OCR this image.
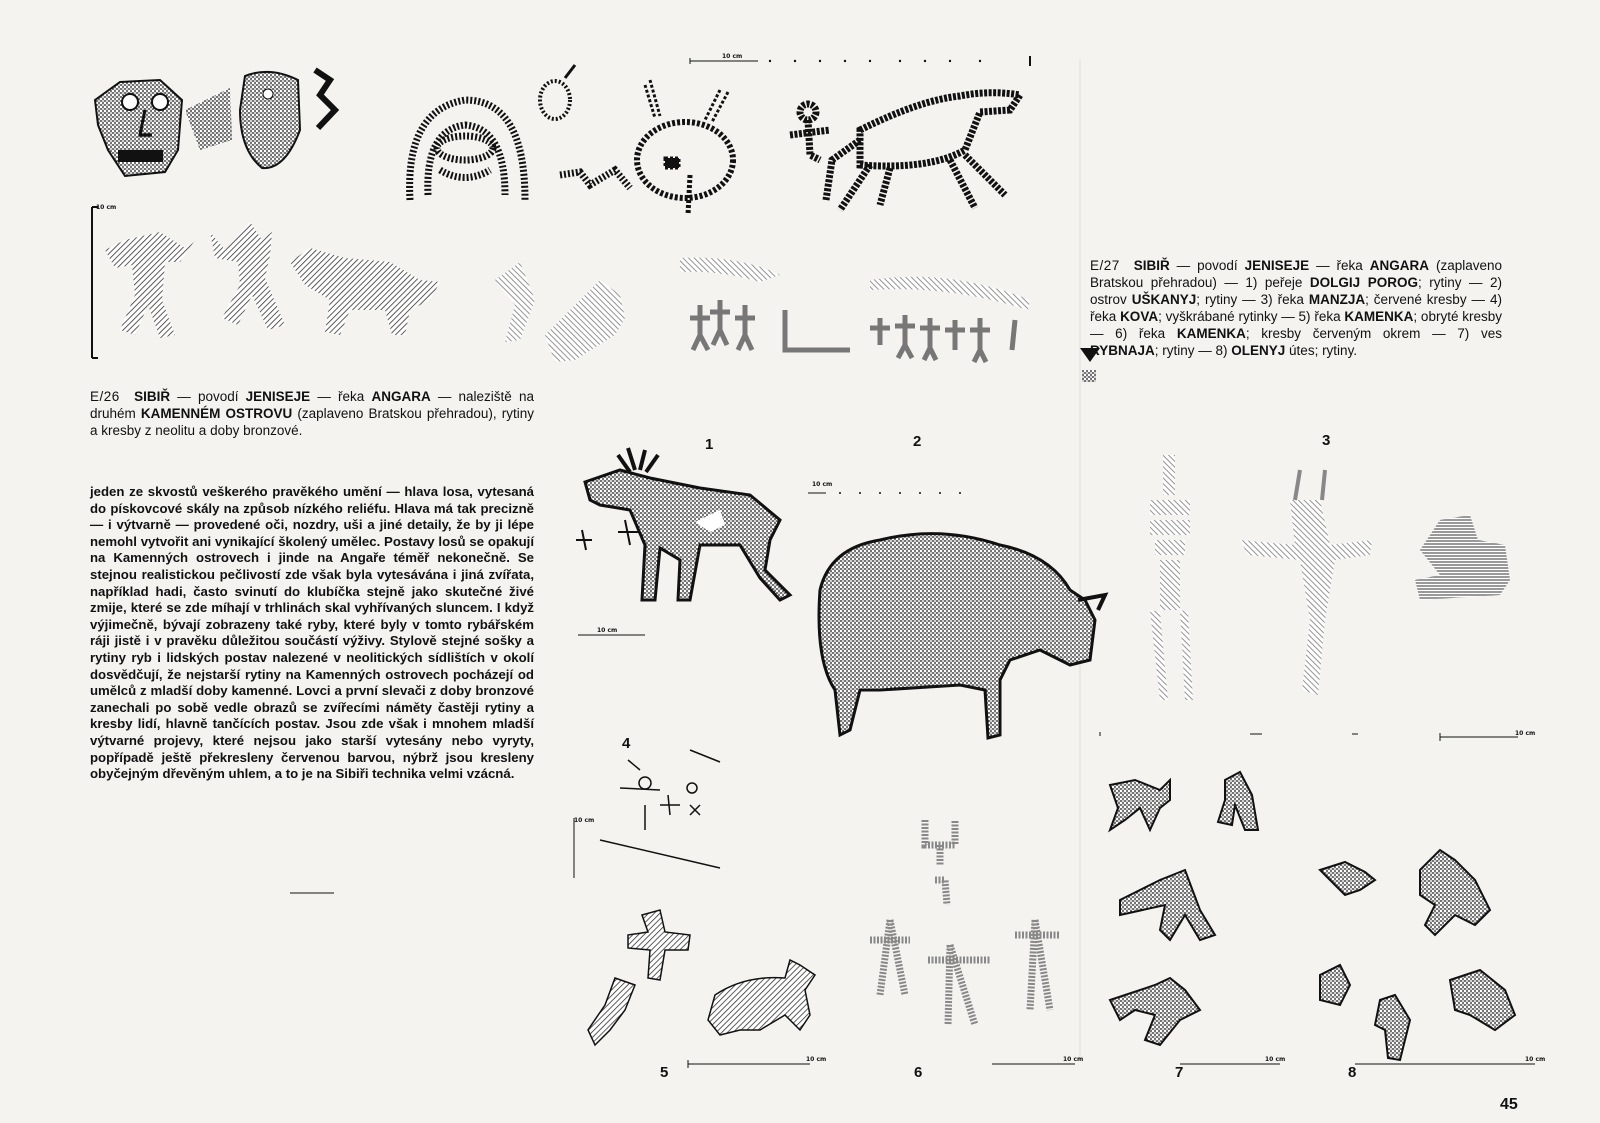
10 cm
10 cm
10 cm
10 cm
10 cm
10 cm
10 cm	10 cm	10 cm	10 cm
E/26 SIBIŘ — povodí JENISEJE — řeka ANGARA — naleziště na druhém KAMENNÉM OSTROVU (zaplaveno Bratskou přehradou), rytiny a kresby z neolitu a doby bronzové.
E/27 SIBIŘ — povodí JENISEJE — řeka ANGARA (zaplaveno Bratskou přehradou) — 1) peřeje DOLGIJ POROG; rytiny — 2) ostrov UŠKANYJ; rytiny — 3) řeka MANZJA; červené kresby — 4) řeka KOVA; vyškrábané rytinky — 5) řeka KAMENKA; obryté kresby — 6) řeka KAMENKA; kresby červeným okrem — 7) ves RYBNAJA; rytiny — 8) OLENYJ útes; rytiny.
jeden ze skvostů veškerého pravěkého umění — hlava losa, vytesaná do pískovcové skály na způsob nízkého reliéfu. Hlava má tak precizně — i výtvarně — provedené oči, nozdry, uši a jiné detaily, že by ji lépe nemohl vytvořit ani vynikající školený umělec. Postavy losů se opakují na Kamenných ostrovech i jinde na Angaře téměř nekonečně. Se stejnou realistickou pečlivostí zde však byla vytesávána i jiná zvířata, například hadi, často svinutí do klubíčka stejně jako skutečné živé zmije, které se zde míhají v trhlinách skal vyhřívaných sluncem. I když výjimečně, bývají zobrazeny také ryby, které byly v tomto rybářském ráji jistě i v pravěku důležitou součástí výživy. Stylově stejné sošky a rytiny ryb i lidských postav nalezené v neolitických sídlištích v okolí dosvědčují, že nejstarší rytiny na Kamenných ostrovech pocházejí od umělců z mladší doby kamenné. Lovci a první slevači z doby bronzové zanechali po sobě vedle obrazů se zvířecími náměty častěji rytiny a kresby lidí, hlavně tančících postav. Jsou zde však i mnohem mladší výtvarné projevy, které nejsou jako starší vytesány nebo vyryty, popřípadě ještě překresleny červenou barvou, nýbrž jsou kresleny obyčejným dřevěným uhlem, a to je na Sibiři technika velmi vzácná.
1	2	3
4
5	6	7	8
45
